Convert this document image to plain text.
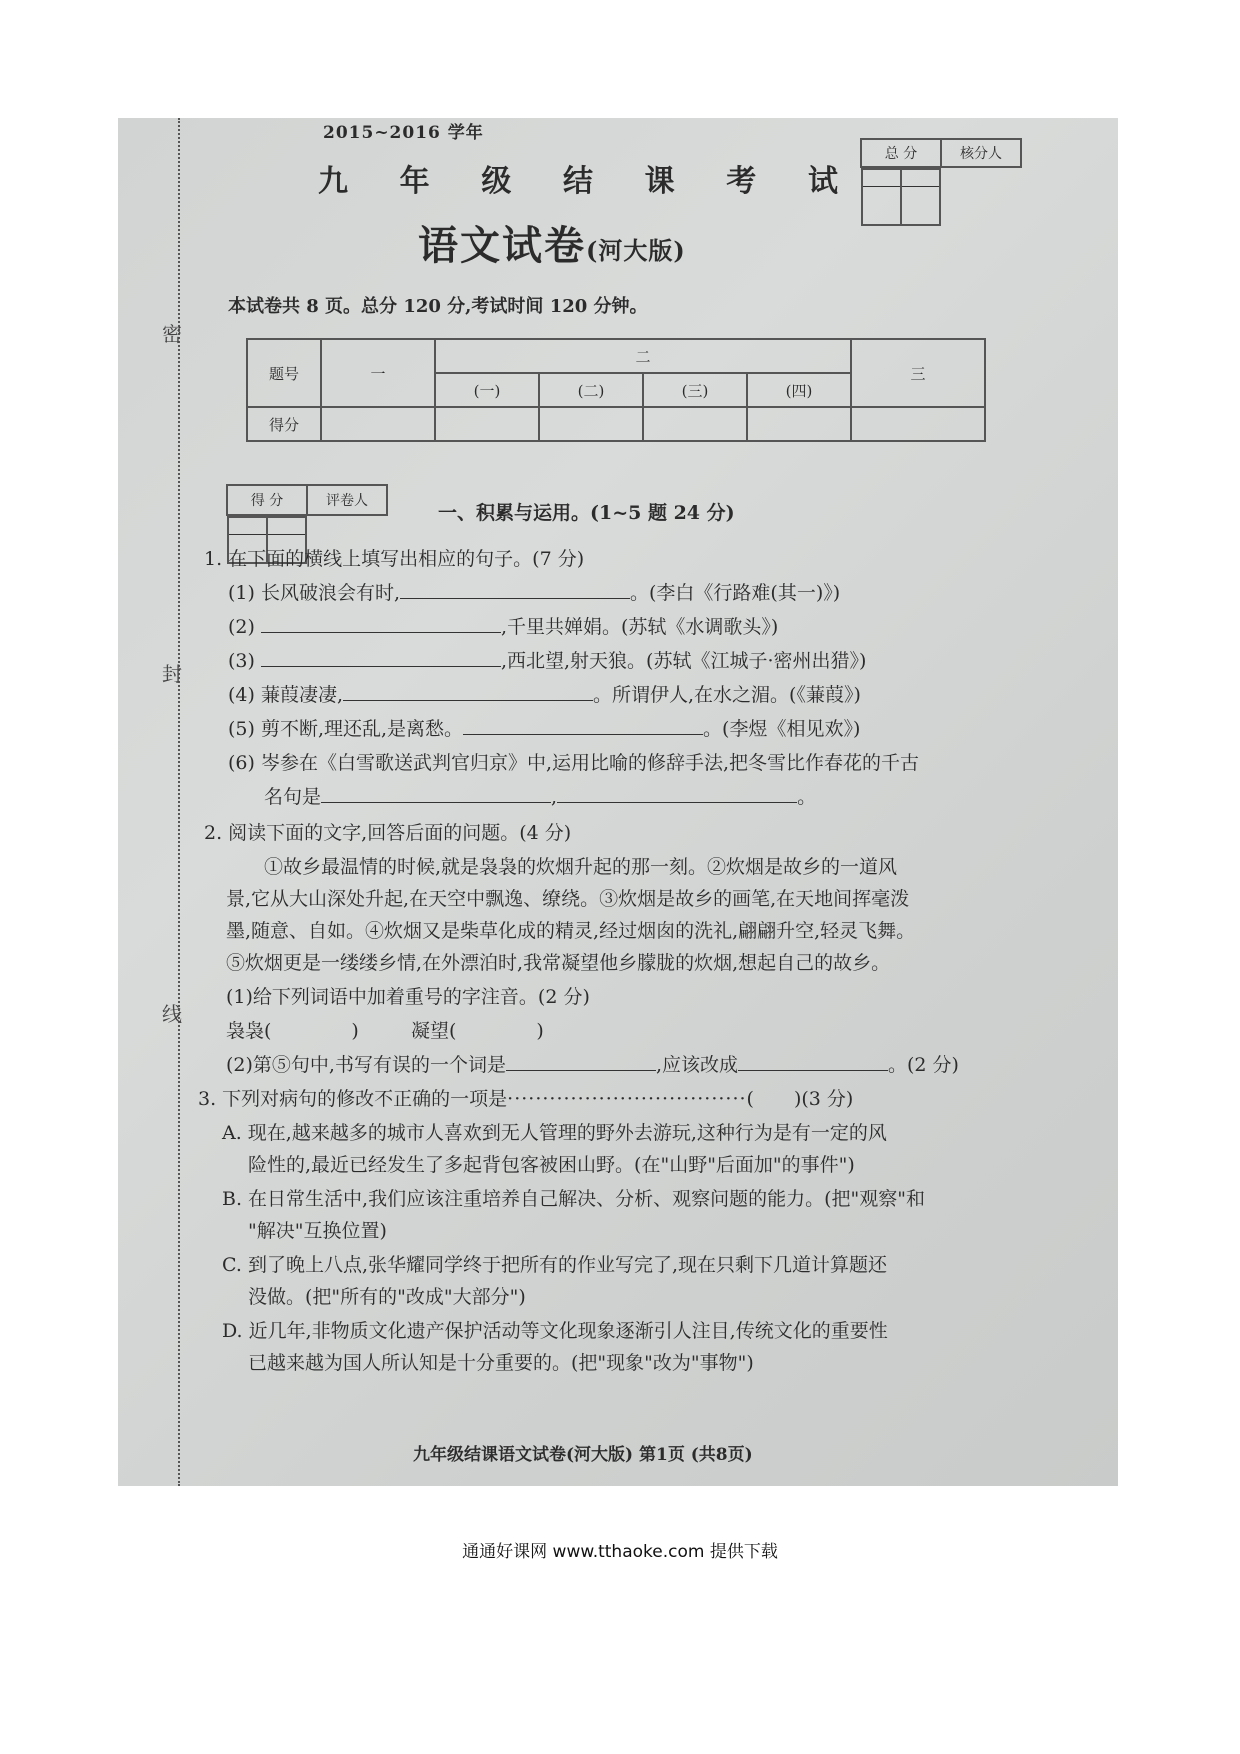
密
封
线
2015~2016 学年
九 年 级 结 课 考 试
语文试卷(河大版)
总 分	核分人

本试卷共 8 页。总分 120 分,考试时间 120 分钟。
题号	一	二				三
		(一)	(二)	(三)	(四)	
得分						
得 分	评卷人

一、积累与运用。(1~5 题 24 分)
1. 在下面的横线上填写出相应的句子。(7 分)
(1) 长风破浪会有时,	。(李白《行路难(其一)》)
(2)	,千里共婵娟。(苏轼《水调歌头》)
(3)	,西北望,射天狼。(苏轼《江城子·密州出猎》)
(4) 蒹葭凄凄,	。所谓伊人,在水之湄。(《蒹葭》)
(5) 剪不断,理还乱,是离愁。	。(李煜《相见欢》)
(6) 岑参在《白雪歌送武判官归京》中,运用比喻的修辞手法,把冬雪比作春花的千古
名句是	,	。
2. 阅读下面的文字,回答后面的问题。(4 分)
①故乡最温情的时候,就是袅袅的炊烟升起的那一刻。②炊烟是故乡的一道风
景,它从大山深处升起,在天空中飘逸、缭绕。③炊烟是故乡的画笔,在天地间挥毫泼
墨,随意、自如。④炊烟又是柴草化成的精灵,经过烟囱的洗礼,翩翩升空,轻灵飞舞。
⑤炊烟更是一缕缕乡情,在外漂泊时,我常凝望他乡朦胧的炊烟,想起自己的故乡。
(1)给下列词语中加着重号的字注音。(2 分)
袅袅(	)	凝望(	)
(2)第⑤句中,书写有误的一个词是	,应该改成	。(2 分)
3. 下列对病句的修改不正确的一项是··································( )(3 分)
A. 现在,越来越多的城市人喜欢到无人管理的野外去游玩,这种行为是有一定的风
险性的,最近已经发生了多起背包客被困山野。(在"山野"后面加"的事件")
B. 在日常生活中,我们应该注重培养自己解决、分析、观察问题的能力。(把"观察"和
"解决"互换位置)
C. 到了晚上八点,张华耀同学终于把所有的作业写完了,现在只剩下几道计算题还
没做。(把"所有的"改成"大部分")
D. 近几年,非物质文化遗产保护活动等文化现象逐渐引人注目,传统文化的重要性
已越来越为国人所认知是十分重要的。(把"现象"改为"事物")
九年级结课语文试卷(河大版) 第1页 (共8页)
通通好课网 www.tthaoke.com 提供下载
